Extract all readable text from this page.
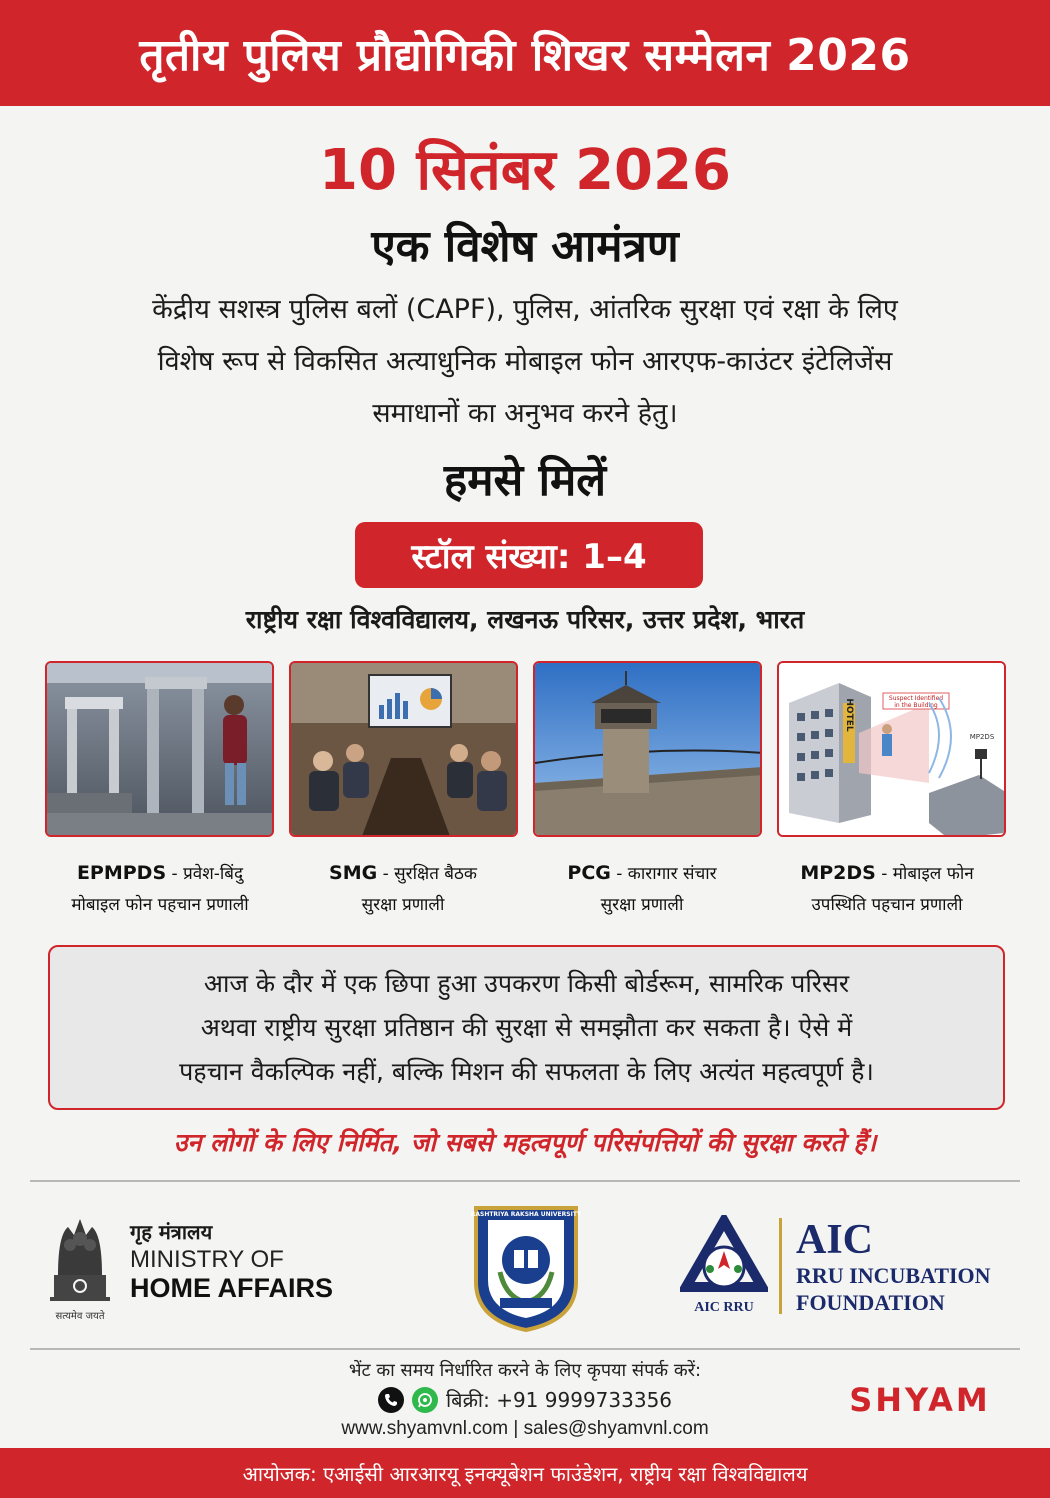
तृतीय पुलिस प्रौद्योगिकी शिखर सम्मेलन 2026
10 सितंबर 2026
एक विशेष आमंत्रण
केंद्रीय सशस्त्र पुलिस बलों (CAPF), पुलिस, आंतरिक सुरक्षा एवं रक्षा के लिए
विशेष रूप से विकसित अत्याधुनिक मोबाइल फोन आरएफ-काउंटर इंटेलिजेंस
समाधानों का अनुभव करने हेतु।
हमसे मिलें
स्टॉल संख्या: 1–4
राष्ट्रीय रक्षा विश्वविद्यालय, लखनऊ परिसर, उत्तर प्रदेश, भारत
HOTEL	Suspect Identified
in the Building
MP2DS
EPMPDS - प्रवेश-बिंदु
मोबाइल फोन पहचान प्रणाली
SMG - सुरक्षित बैठक
सुरक्षा प्रणाली
PCG - कारागार संचार
सुरक्षा प्रणाली
MP2DS - मोबाइल फोन
उपस्थिति पहचान प्रणाली
आज के दौर में एक छिपा हुआ उपकरण किसी बोर्डरूम, सामरिक परिसर
अथवा राष्ट्रीय सुरक्षा प्रतिष्ठान की सुरक्षा से समझौता कर सकता है। ऐसे में
पहचान वैकल्पिक नहीं, बल्कि मिशन की सफलता के लिए अत्यंत महत्वपूर्ण है।
उन लोगों के लिए निर्मित, जो सबसे महत्वपूर्ण परिसंपत्तियों की सुरक्षा करते हैं।
सत्यमेव जयते
गृह मंत्रालय
MINISTRY OF
HOME AFFAIRS
RASHTRIYA RAKSHA UNIVERSITY
AIC RRU
AIC
RRU INCUBATION
FOUNDATION
भेंट का समय निर्धारित करने के लिए कृपया संपर्क करें:
बिक्री: +91 9999733356
www.shyamvnl.com | sales@shyamvnl.com
SHYAM
आयोजक: एआईसी आरआरयू इनक्यूबेशन फाउंडेशन, राष्ट्रीय रक्षा विश्वविद्यालय
